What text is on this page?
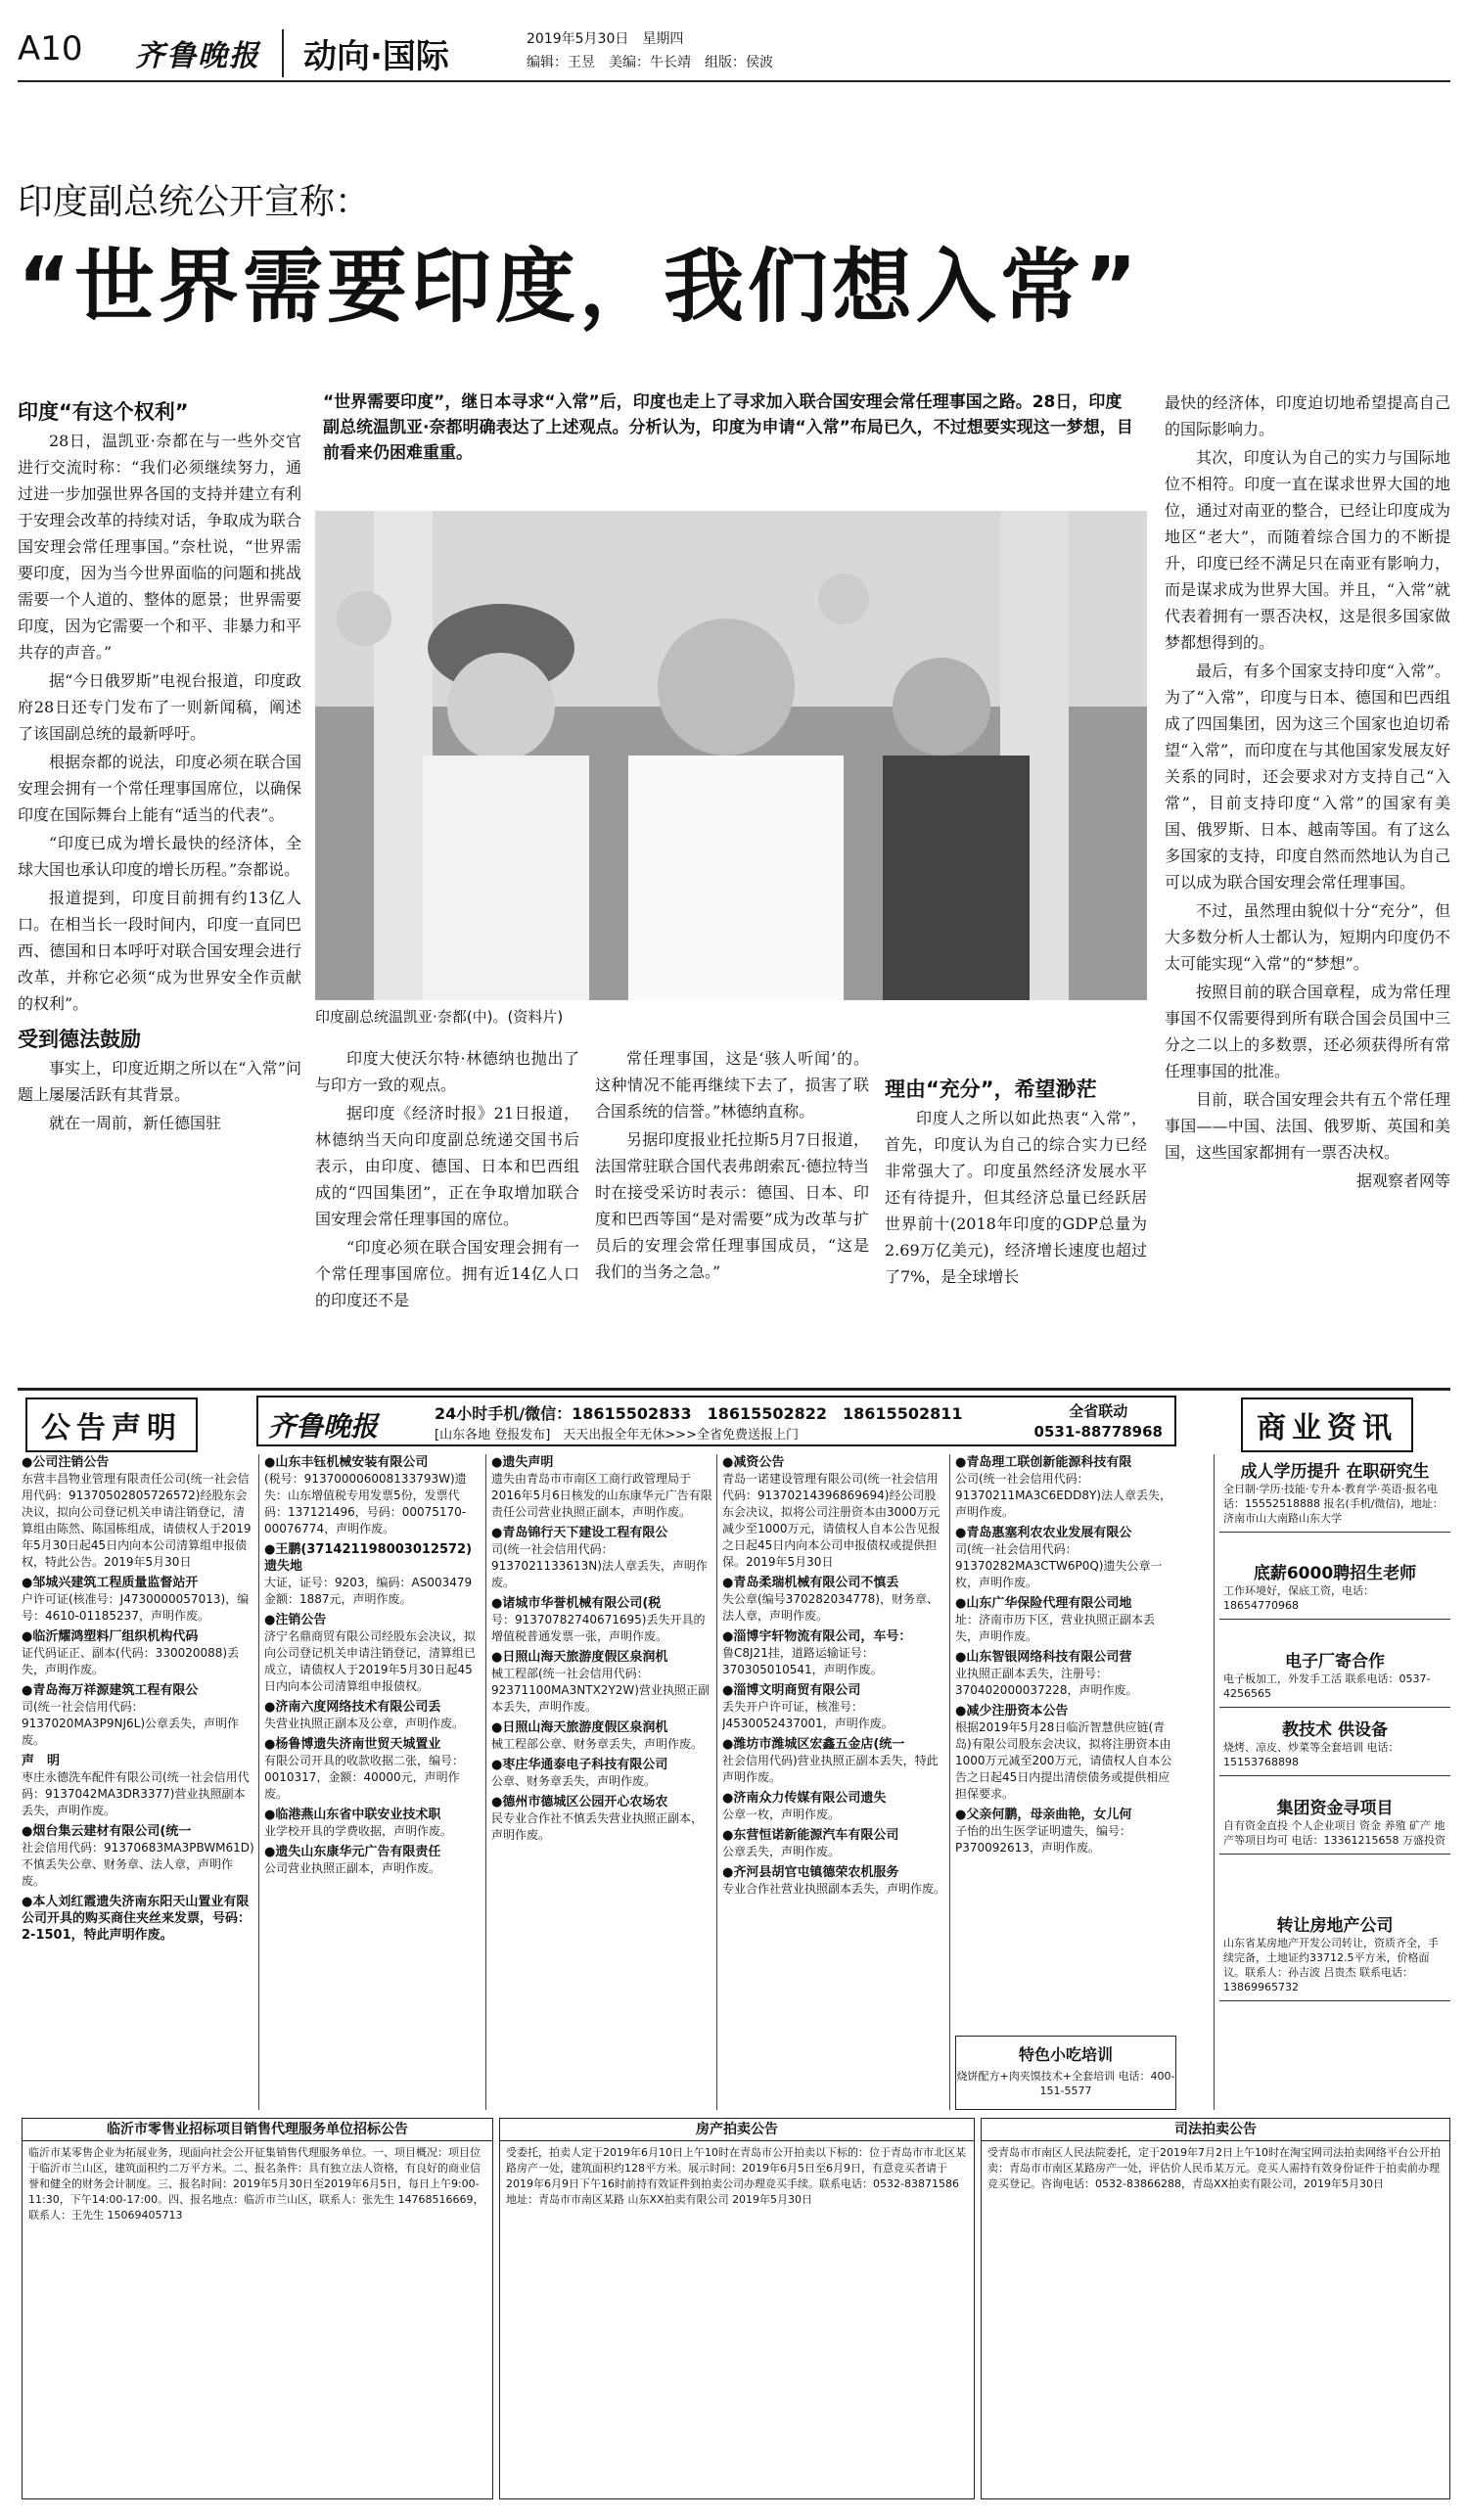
A10 齐鲁晚报	动向·国际	2019年5月30日　星期四
编辑：王昱　美编：牛长靖　组版：侯波
印度副总统公开宣称：
“世界需要印度，我们想入常”
“世界需要印度”，继日本寻求“入常”后，印度也走上了寻求加入联合国安理会常任理事国之路。28日，印度副总统温凯亚·奈都明确表达了上述观点。分析认为，印度为申请“入常”布局已久，不过想要实现这一梦想，目前看来仍困难重重。
印度副总统温凯亚·奈都(中)。(资料片)

印度“有这个权利”

28日，温凯亚·奈都在与一些外交官进行交流时称：“我们必须继续努力，通过进一步加强世界各国的支持并建立有利于安理会改革的持续对话，争取成为联合国安理会常任理事国。”奈杜说，“世界需要印度，因为当今世界面临的问题和挑战需要一个人道的、整体的愿景；世界需要印度，因为它需要一个和平、非暴力和平共存的声音。”

据“今日俄罗斯”电视台报道，印度政府28日还专门发布了一则新闻稿，阐述了该国副总统的最新呼吁。

根据奈都的说法，印度必须在联合国安理会拥有一个常任理事国席位，以确保印度在国际舞台上能有“适当的代表”。

“印度已成为增长最快的经济体，全球大国也承认印度的增长历程。”奈都说。

报道提到，印度目前拥有约13亿人口。在相当长一段时间内，印度一直同巴西、德国和日本呼吁对联合国安理会进行改革，并称它必须“成为世界安全作贡献的权利”。

受到德法鼓励

事实上，印度近期之所以在“入常”问题上屡屡活跃有其背景。

就在一周前，新任德国驻

印度大使沃尔特·林德纳也抛出了与印方一致的观点。

据印度《经济时报》21日报道，林德纳当天向印度副总统递交国书后表示，由印度、德国、日本和巴西组成的“四国集团”，正在争取增加联合国安理会常任理事国的席位。

“印度必须在联合国安理会拥有一个常任理事国席位。拥有近14亿人口的印度还不是

常任理事国，这是‘骇人听闻’的。这种情况不能再继续下去了，损害了联合国系统的信誉。”林德纳直称。

另据印度报业托拉斯5月7日报道，法国常驻联合国代表弗朗索瓦·德拉特当时在接受采访时表示：德国、日本、印度和巴西等国“是对需要”成为改革与扩员后的安理会常任理事国成员，“这是我们的当务之急。”

理由“充分”，希望渺茫

印度人之所以如此热衷“入常”，首先，印度认为自己的综合实力已经非常强大了。印度虽然经济发展水平还有待提升，但其经济总量已经跃居世界前十(2018年印度的GDP总量为2.69万亿美元)，经济增长速度也超过了7%，是全球增长

最快的经济体，印度迫切地希望提高自己的国际影响力。

其次，印度认为自己的实力与国际地位不相符。印度一直在谋求世界大国的地位，通过对南亚的整合，已经让印度成为地区“老大”，而随着综合国力的不断提升，印度已经不满足只在南亚有影响力，而是谋求成为世界大国。并且，“入常”就代表着拥有一票否决权，这是很多国家做梦都想得到的。

最后，有多个国家支持印度“入常”。为了“入常”，印度与日本、德国和巴西组成了四国集团，因为这三个国家也迫切希望“入常”，而印度在与其他国家发展友好关系的同时，还会要求对方支持自己“入常”，目前支持印度“入常”的国家有美国、俄罗斯、日本、越南等国。有了这么多国家的支持，印度自然而然地认为自己可以成为联合国安理会常任理事国。

不过，虽然理由貌似十分“充分”，但大多数分析人士都认为，短期内印度仍不太可能实现“入常”的“梦想”。

按照目前的联合国章程，成为常任理事国不仅需要得到所有联合国会员国中三分之二以上的多数票，还必须获得所有常任理事国的批准。

目前，联合国安理会共有五个常任理事国——中国、法国、俄罗斯、英国和美国，这些国家都拥有一票否决权。

据观察者网等

公告声明	商业资讯
齐鲁晚报	24小时手机/微信：18615502833　18615502822　18615502811
[山东各地 登报发布]　天天出报全年无休>>>全省免费送报上门
全省联动
0531-88778968
●公司注销公告
东营丰昌物业管理有限责任公司(统一社会信用代码：91370502805726572)经股东会决议，拟向公司登记机关申请注销登记，清算组由陈然、陈国栋组成，请债权人于2019年5月30日起45日内向本公司清算组申报债权，特此公告。2019年5月30日
●邹城兴建筑工程质量监督站开
户许可证(核准号：J4730000057013)，编号：4610-01185237，声明作废。
●临沂耀鸿塑料厂组织机构代码
证代码证正、副本(代码：330020088)丢失，声明作废。
●青岛海万祥源建筑工程有限公
司(统一社会信用代码：9137020MA3P9NJ6L)公章丢失，声明作废。
声　明
枣庄永德洗车配件有限公司(统一社会信用代码：9137042MA3DR3377)营业执照副本丢失，声明作废。
●烟台集云建材有限公司(统一
社会信用代码：91370683MA3PBWM61D)不慎丢失公章、财务章、法人章，声明作废。
●本人刘红霞遗失济南东阳天山置业有限公司开具的购买商住夹丝来发票，号码：2-1501，特此声明作废。
●山东丰钰机械安装有限公司
(税号：913700006008133793W)遗失：山东增值税专用发票5份，发票代码：137121496，号码：00075170-00076774，声明作废。
●王鹏(371421198003012572)遗失地
大证，证号：9203，编码：AS003479金额：1887元，声明作废。
●注销公告
济宁名鼎商贸有限公司经股东会决议，拟向公司登记机关申请注销登记，清算组已成立，请债权人于2019年5月30日起45日内向本公司清算组申报债权。
●济南六度网络技术有限公司丢
失营业执照正副本及公章，声明作废。
●杨鲁博遗失济南世贸天城置业
有限公司开具的收款收据二张，编号：0010317，金额：40000元，声明作废。
●临港燕山东省中联安业技术职
业学校开具的学费收据，声明作废。
●遗失山东康华元广告有限责任
公司营业执照正副本，声明作废。
●遗失声明
遗失由青岛市市南区工商行政管理局于2016年5月6日核发的山东康华元广告有限责任公司营业执照正副本，声明作废。
●青岛锦行天下建设工程有限公
司(统一社会信用代码：9137021133613N)法人章丢失，声明作废。
●诸城市华誉机械有限公司(税
号：91370782740671695)丢失开具的增值税普通发票一张，声明作废。
●日照山海天旅游度假区泉润机
械工程部(统一社会信用代码：92371100MA3NTX2Y2W)营业执照正副本丢失，声明作废。
●日照山海天旅游度假区泉润机
械工程部公章、财务章丢失，声明作废。
●枣庄华通泰电子科技有限公司
公章、财务章丢失，声明作废。
●德州市德城区公园开心农场农
民专业合作社不慎丢失营业执照正副本，声明作废。
●减资公告
青岛一诺建设管理有限公司(统一社会信用代码：91370214396869694)经公司股东会决议，拟将公司注册资本由3000万元减少至1000万元，请债权人自本公告见报之日起45日内向本公司申报债权或提供担保。2019年5月30日
●青岛柔瑞机械有限公司不慎丢
失公章(编号370282034778)，财务章、法人章，声明作废。
●淄博宇轩物流有限公司，车号：
鲁C8J21挂，道路运输证号：370305010541，声明作废。
●淄博文明商贸有限公司
丢失开户许可证，核准号：J4530052437001，声明作废。
●潍坊市潍城区宏鑫五金店(统一
社会信用代码)营业执照正副本丢失，特此声明作废。
●济南众力传媒有限公司遗失
公章一枚，声明作废。
●东营恒诺新能源汽车有限公司
公章丢失，声明作废。
●齐河县胡官屯镇德荣农机服务
专业合作社营业执照副本丢失，声明作废。
●青岛理工联创新能源科技有限
公司(统一社会信用代码：91370211MA3C6EDD8Y)法人章丢失，声明作废。
●青岛惠塞利农农业发展有限公
司(统一社会信用代码：91370282MA3CTW6P0Q)遗失公章一枚，声明作废。
●山东广华保险代理有限公司地
址：济南市历下区，营业执照正副本丢失，声明作废。
●山东智银网络科技有限公司营
业执照正副本丢失，注册号：370402000037228，声明作废。
●减少注册资本公告
根据2019年5月28日临沂智慧供应链(青岛)有限公司股东会决议，拟将注册资本由1000万元减至200万元，请债权人自本公告之日起45日内提出清偿债务或提供相应担保要求。
●父亲何鹏，母亲曲艳，女儿何
子怡的出生医学证明遗失，编号：P370092613，声明作废。
特色小吃培训
烧饼配方+肉夹馍技术+全套培训 电话：400-151-5577
成人学历提升 在职研究生
全日制·学历·技能·专升本·教育学·英语·报名电话：15552518888 报名(手机/微信)，地址：济南市山大南路山东大学
底薪6000聘招生老师
工作环境好，保底工资，电话：18654770968
电子厂寄合作
电子板加工，外发手工活 联系电话：0537-4256565
教技术 供设备
烧烤、凉皮、炒菜等全套培训 电话：15153768898
集团资金寻项目
自有资金直投 个人企业项目 资金 养殖 矿产 地产等项目均可 电话：13361215658 万盛投资
转让房地产公司
山东省某房地产开发公司转让，资质齐全，手续完备，土地证约33712.5平方米，价格面议。联系人：孙吉波 吕贵杰 联系电话：13869965732
临沂市零售业招标项目销售代理服务单位招标公告
临沂市某零售企业为拓展业务，现面向社会公开征集销售代理服务单位。一、项目概况：项目位于临沂市兰山区，建筑面积约二万平方米。二、报名条件：具有独立法人资格，有良好的商业信誉和健全的财务会计制度。三、报名时间：2019年5月30日至2019年6月5日，每日上午9:00-11:30，下午14:00-17:00。四、报名地点：临沂市兰山区，联系人：张先生 14768516669，联系人：王先生 15069405713
房产拍卖公告
受委托，拍卖人定于2019年6月10日上午10时在青岛市公开拍卖以下标的：位于青岛市市北区某路房产一处，建筑面积约128平方米。展示时间：2019年6月5日至6月9日，有意竞买者请于2019年6月9日下午16时前持有效证件到拍卖公司办理竞买手续。联系电话：0532-83871586 地址：青岛市市南区某路 山东XX拍卖有限公司 2019年5月30日
司法拍卖公告
受青岛市市南区人民法院委托，定于2019年7月2日上午10时在淘宝网司法拍卖网络平台公开拍卖：青岛市市南区某路房产一处，评估价人民币某万元。竞买人需持有效身份证件于拍卖前办理竞买登记。咨询电话：0532-83866288，青岛XX拍卖有限公司，2019年5月30日
